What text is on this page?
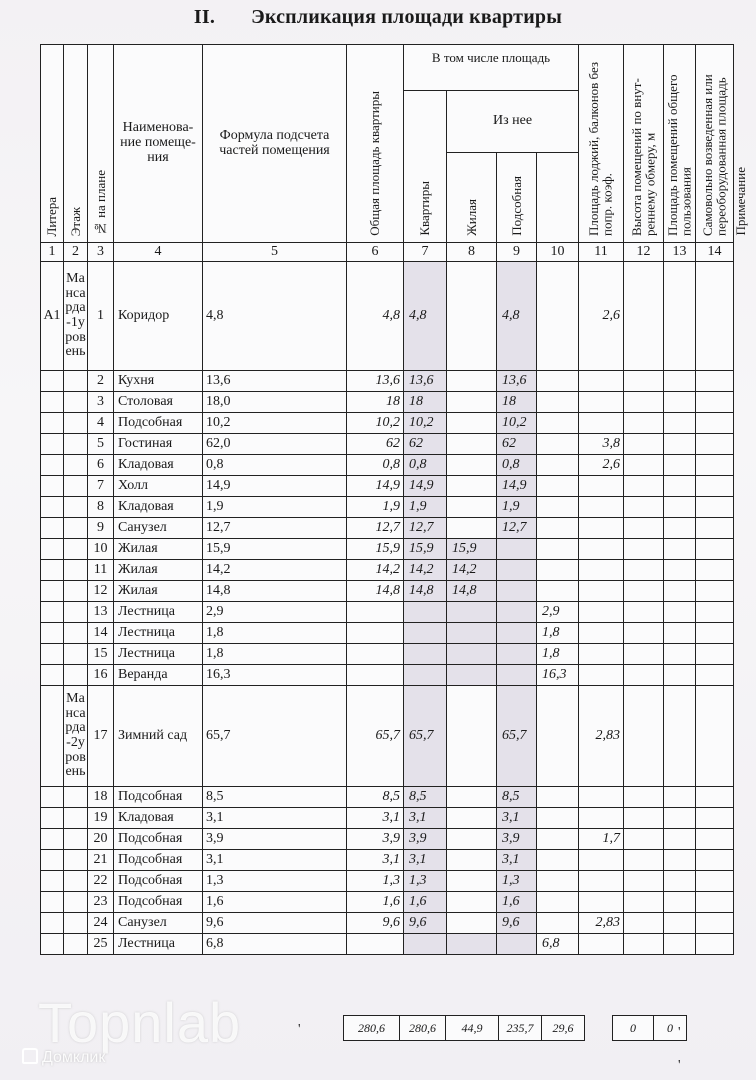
II. Экспликация площади квартиры
Литера	Этаж	№ на плане	Наименова-ние помеще-ния	Формула подсчета частей помещения	Общая площадь квартиры	В том числе площадь				Площадь лоджий, балконов без попр. коэф.	Высота помещений по внут-реннему обмеру, м	Площадь помещений общего пользования	Самовольно возведенная или переоборудованная площадь	Примечание

						Квартиры	Из нее							

							Жилая	Подсобная						

1	2	3	4	5	6	7	8	9	10	11	12	13	14	
А1	Мансарда-1уровень	1	Коридор	4,8	4,8	4,8		4,8		2,6				
		2	Кухня	13,6	13,6	13,6		13,6						
		3	Столовая	18,0	18	18		18						
		4	Подсобная	10,2	10,2	10,2		10,2						
		5	Гостиная	62,0	62	62		62		3,8				
		6	Кладовая	0,8	0,8	0,8		0,8		2,6				
		7	Холл	14,9	14,9	14,9		14,9						
		8	Кладовая	1,9	1,9	1,9		1,9						
		9	Санузел	12,7	12,7	12,7		12,7						
		10	Жилая	15,9	15,9	15,9	15,9							
		11	Жилая	14,2	14,2	14,2	14,2							
		12	Жилая	14,8	14,8	14,8	14,8							
		13	Лестница	2,9					2,9					
		14	Лестница	1,8					1,8					
		15	Лестница	1,8					1,8					
		16	Веранда	16,3					16,3					
	Мансарда-2уровень	17	Зимний сад	65,7	65,7	65,7		65,7		2,83				
		18	Подсобная	8,5	8,5	8,5		8,5						
		19	Кладовая	3,1	3,1	3,1		3,1						
		20	Подсобная	3,9	3,9	3,9		3,9		1,7				
		21	Подсобная	3,1	3,1	3,1		3,1						
		22	Подсобная	1,3	1,3	1,3		1,3						
		23	Подсобная	1,6	1,6	1,6		1,6						
		24	Санузел	9,6	9,6	9,6		9,6		2,83				
		25	Лестница	6,8					6,8					
280,6	280,6	44,9	235,7	29,6	0	0
'	'
'
Topnlab
Домклик
